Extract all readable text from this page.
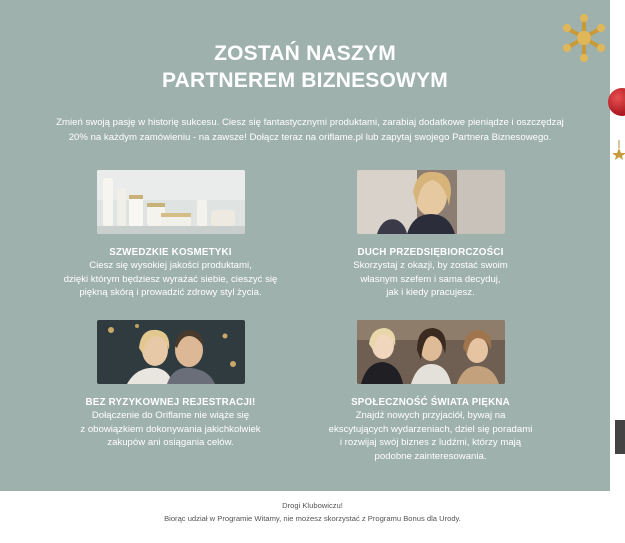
ZOSTAŃ NASZYM
PARTNEREM BIZNESOWYM

Zmień swoją pasję w historię sukcesu. Ciesz się fantastycznymi produktami, zarabiaj dodatkowe pieniądze i oszczędzaj
20% na każdym zamówieniu - na zawsze! Dołącz teraz na oriflame.pl lub zapytaj swojego Partnera Biznesowego.

SZWEDZKIE KOSMETYKI
Ciesz się wysokiej jakości produktami,
dzięki którym będziesz wyrażać siebie, cieszyć się
piękną skórą i prowadzić zdrowy styl życia.
DUCH PRZEDSIĘBIORCZOŚCI
Skorzystaj z okazji, by zostać swoim
własnym szefem i sama decyduj,
jak i kiedy pracujesz.
BEZ RYZYKOWNEJ REJESTRACJI!
Dołączenie do Oriflame nie wiąże się
z obowiązkiem dokonywania jakichkolwiek
zakupów ani osiągania celów.
SPOŁECZNOŚĆ ŚWIATA PIĘKNA
Znajdź nowych przyjaciół, bywaj na
ekscytujących wydarzeniach, dziel się poradami
i rozwijaj swój biznes z ludźmi, którzy mają
podobne zainteresowania.
Drogi Klubowiczu!
Biorąc udział w Programie Witamy, nie możesz skorzystać z Programu Bonus dla Urody.
